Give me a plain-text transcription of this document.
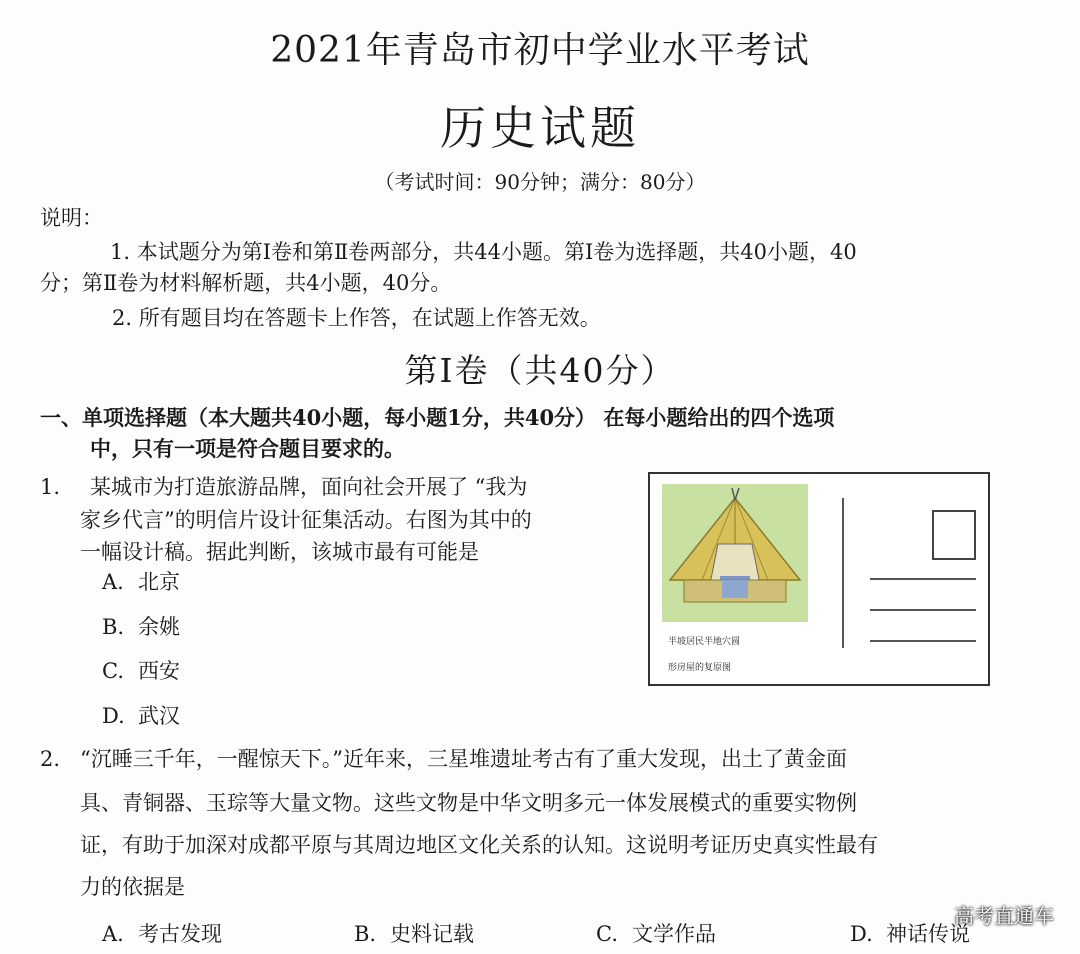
2021年青岛市初中学业水平考试
历史试题
（考试时间：90分钟；满分：80分）
说明：
1. 本试题分为第Ⅰ卷和第Ⅱ卷两部分，共44小题。第Ⅰ卷为选择题，共40小题，40
分；第Ⅱ卷为材料解析题，共4小题，40分。
2. 所有题目均在答题卡上作答，在试题上作答无效。
第Ⅰ卷（共40分）
一、单项选择题（本大题共40小题，每小题1分，共40分） 在每小题给出的四个选项
中，只有一项是符合题目要求的。
1. 某城市为打造旅游品牌，面向社会开展了 “我为
家乡代言”的明信片设计征集活动。右图为其中的
一幅设计稿。据此判断，该城市最有可能是
A. 北京
B. 余姚
C. 西安
D. 武汉
半坡居民半地穴圆
形房屋的复原图
2. “沉睡三千年，一醒惊天下。”近年来，三星堆遗址考古有了重大发现，出土了黄金面
具、青铜器、玉琮等大量文物。这些文物是中华文明多元一体发展模式的重要实物例
证，有助于加深对成都平原与其周边地区文化关系的认知。这说明考证历史真实性最有
力的依据是
A. 考古发现	B. 史料记载	C. 文学作品	D. 神话传说
高考直通车
